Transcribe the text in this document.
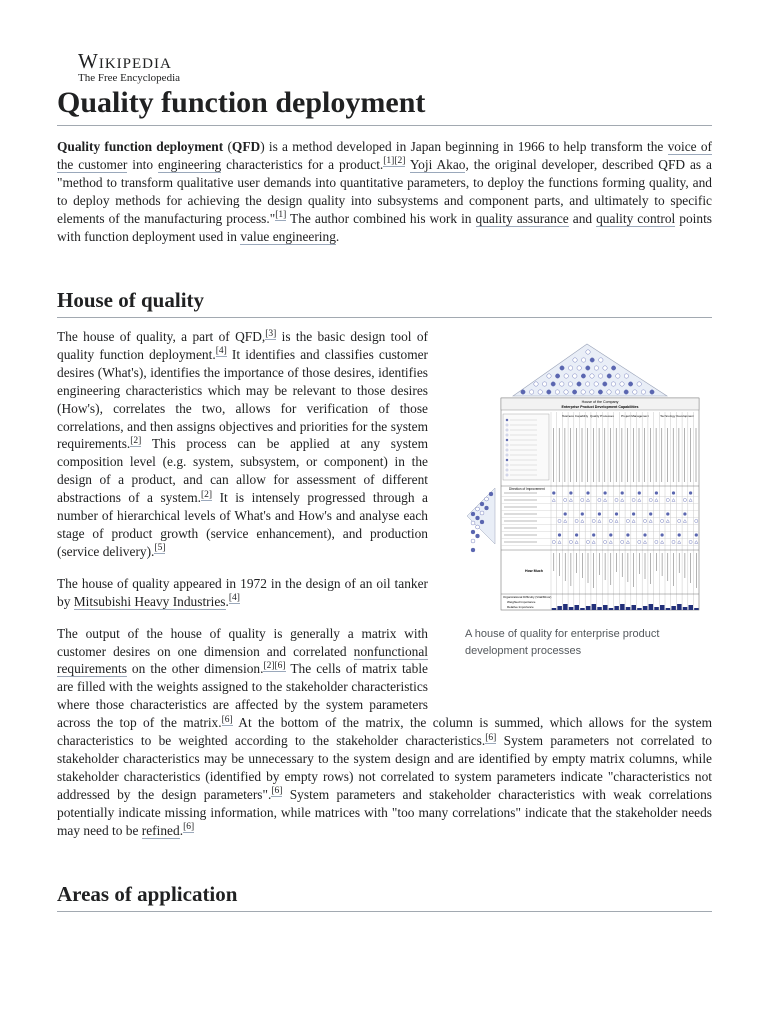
Wikipedia
The Free Encyclopedia
Quality function deployment

Quality function deployment (QFD) is a method developed in Japan beginning in 1966 to help transform the voice of the customer into engineering characteristics for a product.[1][2] Yoji Akao, the original developer, described QFD as a "method to transform qualitative user demands into quantitative parameters, to deploy the functions forming quality, and to deploy methods for achieving the design quality into subsystems and component parts, and ultimately to specific elements of the manufacturing process."[1] The author combined his work in quality assurance and quality control points with function deployment used in value engineering.

House of quality
House of the Company
Enterprise Product Development Capabilities
Business Capability Quality Processes Project Management	Technology Development
Direction of Improvement
How Much
Organizational Difficulty (Vital/Minor)
Weighted Importance
Relative Importance
A house of quality for enterprise product development processes

The house of quality, a part of QFD,[3] is the basic design tool of quality function deployment.[4] It identifies and classifies customer desires (What's), identifies the importance of those desires, identifies engineering characteristics which may be relevant to those desires (How's), correlates the two, allows for verification of those correlations, and then assigns objectives and priorities for the system requirements.[2] This process can be applied at any system composition level (e.g. system, subsystem, or component) in the design of a product, and can allow for assessment of different abstractions of a system.[2] It is intensely progressed through a number of hierarchical levels of What's and How's and analyse each stage of product growth (service enhancement), and production (service delivery).[5]

The house of quality appeared in 1972 in the design of an oil tanker by Mitsubishi Heavy Industries.[4]

The output of the house of quality is generally a matrix with customer desires on one dimension and correlated nonfunctional requirements on the other dimension.[2][6] The cells of matrix table are filled with the weights assigned to the stakeholder characteristics where those characteristics are affected by the system parameters across the top of the matrix.[6] At the bottom of the matrix, the column is summed, which allows for the system characteristics to be weighted according to the stakeholder characteristics.[6] System parameters not correlated to stakeholder characteristics may be unnecessary to the system design and are identified by empty matrix columns, while stakeholder characteristics (identified by empty rows) not correlated to system parameters indicate "characteristics not addressed by the design parameters".[6] System parameters and stakeholder characteristics with weak correlations potentially indicate missing information, while matrices with "too many correlations" indicate that the stakeholder needs may need to be refined.[6]

Areas of application
